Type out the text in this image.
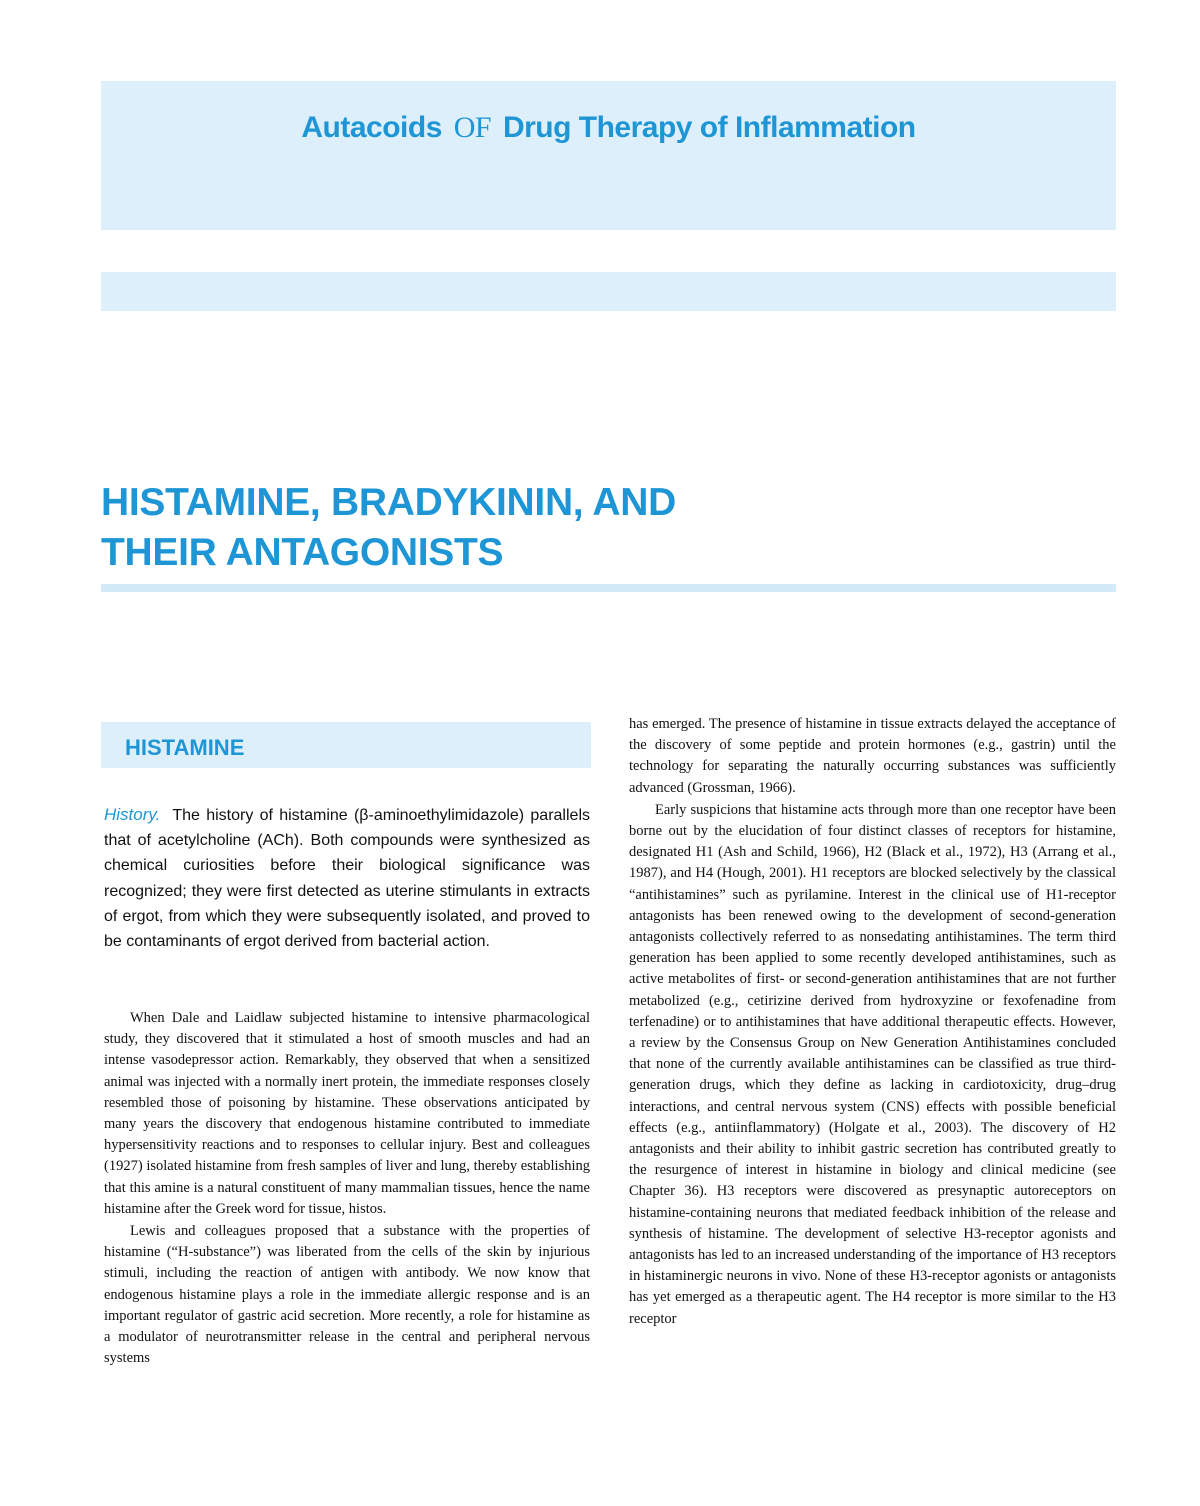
Autacoids OF Drug Therapy of Inflammation
HISTAMINE, BRADYKININ, AND
THEIR ANTAGONISTS
HISTAMINE
History. The history of histamine (β-aminoethylimidazole) parallels that of acetylcholine (ACh). Both compounds were synthesized as chemical curiosities before their biological significance was recognized; they were first detected as uterine stimulants in extracts of ergot, from which they were subsequently isolated, and proved to be contaminants of ergot derived from bacterial action.

When Dale and Laidlaw subjected histamine to intensive pharmacological study, they discovered that it stimulated a host of smooth muscles and had an intense vasodepressor action. Remarkably, they observed that when a sensitized animal was injected with a normally inert protein, the immediate responses closely resembled those of poisoning by histamine. These observations anticipated by many years the discovery that endogenous histamine contributed to immediate hypersensitivity reactions and to responses to cellular injury. Best and colleagues (1927) isolated histamine from fresh samples of liver and lung, thereby establishing that this amine is a natural constituent of many mammalian tissues, hence the name histamine after the Greek word for tissue, histos.

Lewis and colleagues proposed that a substance with the properties of histamine (“H-substance”) was liberated from the cells of the skin by injurious stimuli, including the reaction of antigen with antibody. We now know that endogenous histamine plays a role in the immediate allergic response and is an important regulator of gastric acid secretion. More recently, a role for histamine as a modulator of neurotransmitter release in the central and peripheral nervous systems

has emerged. The presence of histamine in tissue extracts delayed the acceptance of the discovery of some peptide and protein hormones (e.g., gastrin) until the technology for separating the naturally occurring substances was sufficiently advanced (Grossman, 1966).

Early suspicions that histamine acts through more than one receptor have been borne out by the elucidation of four distinct classes of receptors for histamine, designated H1 (Ash and Schild, 1966), H2 (Black et al., 1972), H3 (Arrang et al., 1987), and H4 (Hough, 2001). H1 receptors are blocked selectively by the classical “antihistamines” such as pyrilamine. Interest in the clinical use of H1-receptor antagonists has been renewed owing to the development of second-generation antagonists collectively referred to as nonsedating antihistamines. The term third generation has been applied to some recently developed antihistamines, such as active metabolites of first- or second-generation antihistamines that are not further metabolized (e.g., cetirizine derived from hydroxyzine or fexofenadine from terfenadine) or to antihistamines that have additional therapeutic effects. However, a review by the Consensus Group on New Generation Antihistamines concluded that none of the currently available antihistamines can be classified as true third-generation drugs, which they define as lacking in cardiotoxicity, drug–drug interactions, and central nervous system (CNS) effects with possible beneficial effects (e.g., antiinflammatory) (Holgate et al., 2003). The discovery of H2 antagonists and their ability to inhibit gastric secretion has contributed greatly to the resurgence of interest in histamine in biology and clinical medicine (see Chapter 36). H3 receptors were discovered as presynaptic autoreceptors on histamine-containing neurons that mediated feedback inhibition of the release and synthesis of histamine. The development of selective H3-receptor agonists and antagonists has led to an increased understanding of the importance of H3 receptors in histaminergic neurons in vivo. None of these H3-receptor agonists or antagonists has yet emerged as a therapeutic agent. The H4 receptor is more similar to the H3 receptor
